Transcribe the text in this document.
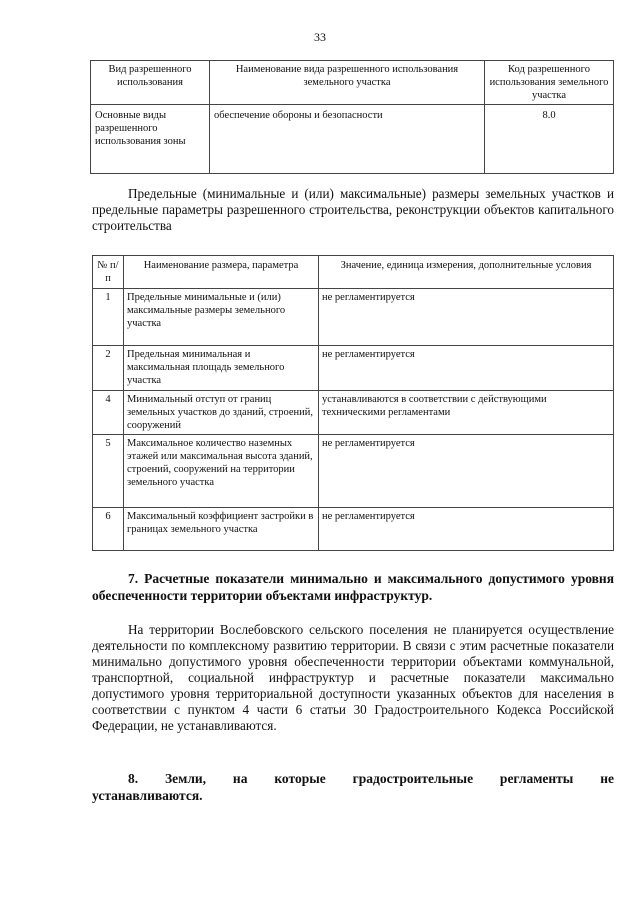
33
Вид разрешенного использования	Наименование вида разрешенного использования земельного участка	Код разрешенного использования земельного участка
Основные виды разрешенного использования зоны	обеспечение обороны и безопасности	8.0
Предельные (минимальные и (или) максимальные) размеры земельных участков и предельные параметры разрешенного строительства, реконструкции объектов капитального строительства
№ п/п	Наименование размера, параметра	Значение, единица измерения, дополнительные условия
1	Предельные минимальные и (или) максимальные размеры земельного участка	не регламентируется
2	Предельная минимальная и максимальная площадь земельного участка	не регламентируется
4	Минимальный отступ от границ земельных участков до зданий, строений, сооружений	устанавливаются в соответствии с действующими техническими регламентами
5	Максимальное количество наземных этажей или максимальная высота зданий, строений, сооружений на территории земельного участка	не регламентируется
6	Максимальный коэффициент застройки в границах земельного участка	не регламентируется
7. Расчетные показатели минимально и максимального допустимого уровня обеспеченности территории объектами инфраструктур.
На территории Вослебовского сельского поселения не планируется осуществление деятельности по комплексному развитию территории. В связи с этим расчетные показатели минимально допустимого уровня обеспеченности территории объектами коммунальной, транспортной, социальной инфраструктур и расчетные показатели максимально допустимого уровня территориальной доступности указанных объектов для населения в соответствии с пунктом 4 части 6 статьи 30 Градостроительного Кодекса Российской Федерации, не устанавливаются.
8. Земли, на которые градостроительные регламенты не
устанавливаются.
